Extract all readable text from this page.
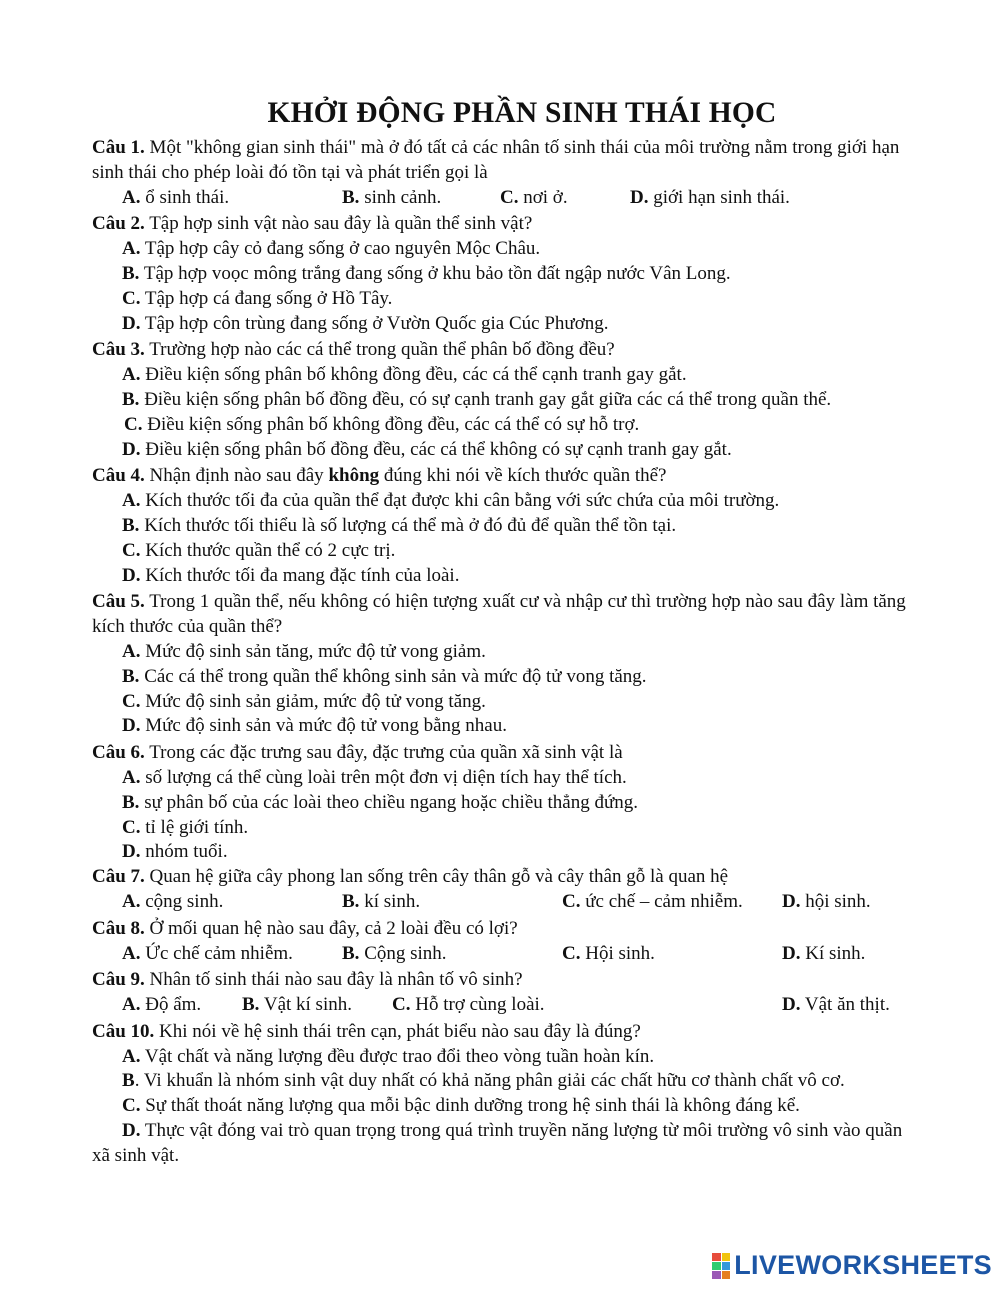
KHỞI ĐỘNG PHẦN SINH THÁI HỌC
Câu 1. Một "không gian sinh thái" mà ở đó tất cả các nhân tố sinh thái của môi trường nằm trong giới hạn sinh thái cho phép loài đó tồn tại và phát triển gọi là
A. ổ sinh thái.	B. sinh cảnh.	C. nơi ở.	D. giới hạn sinh thái.
Câu 2. Tập hợp sinh vật nào sau đây là quần thể sinh vật?
A. Tập hợp cây cỏ đang sống ở cao nguyên Mộc Châu.
B. Tập hợp voọc mông trắng đang sống ở khu bảo tồn đất ngập nước Vân Long.
C. Tập hợp cá đang sống ở Hồ Tây.
D. Tập hợp côn trùng đang sống ở Vườn Quốc gia Cúc Phương.
Câu 3. Trường hợp nào các cá thể trong quần thể phân bố đồng đều?
A. Điều kiện sống phân bố không đồng đều, các cá thể cạnh tranh gay gắt.
B. Điều kiện sống phân bố đồng đều, có sự cạnh tranh gay gắt giữa các cá thể trong quần thể.
C. Điều kiện sống phân bố không đồng đều, các cá thể có sự hỗ trợ.
D. Điều kiện sống phân bố đồng đều, các cá thể không có sự cạnh tranh gay gắt.
Câu 4. Nhận định nào sau đây không đúng khi nói về kích thước quần thể?
A. Kích thước tối đa của quần thể đạt được khi cân bằng với sức chứa của môi trường.
B. Kích thước tối thiểu là số lượng cá thể mà ở đó đủ để quần thể tồn tại.
C. Kích thước quần thể có 2 cực trị.
D. Kích thước tối đa mang đặc tính của loài.
Câu 5. Trong 1 quần thể, nếu không có hiện tượng xuất cư và nhập cư thì trường hợp nào sau đây làm tăng kích thước của quần thể?
A. Mức độ sinh sản tăng, mức độ tử vong giảm.
B. Các cá thể trong quần thể không sinh sản và mức độ tử vong tăng.
C. Mức độ sinh sản giảm, mức độ tử vong tăng.
D. Mức độ sinh sản và mức độ tử vong bằng nhau.
Câu 6. Trong các đặc trưng sau đây, đặc trưng của quần xã sinh vật là
A. số lượng cá thể cùng loài trên một đơn vị diện tích hay thể tích.
B. sự phân bố của các loài theo chiều ngang hoặc chiều thẳng đứng.
C. tỉ lệ giới tính.
D. nhóm tuổi.
Câu 7. Quan hệ giữa cây phong lan sống trên cây thân gỗ và cây thân gỗ là quan hệ
A. cộng sinh.	B. kí sinh.	C. ức chế – cảm nhiễm. D. hội sinh.
Câu 8. Ở mối quan hệ nào sau đây, cả 2 loài đều có lợi?
A. Ức chế cảm nhiễm.	B. Cộng sinh.	C. Hội sinh.	D. Kí sinh.
Câu 9. Nhân tố sinh thái nào sau đây là nhân tố vô sinh?
A. Độ ẩm. B. Vật kí sinh. C. Hỗ trợ cùng loài.	D. Vật ăn thịt.
Câu 10. Khi nói về hệ sinh thái trên cạn, phát biểu nào sau đây là đúng?
A. Vật chất và năng lượng đều được trao đổi theo vòng tuần hoàn kín.
B. Vi khuẩn là nhóm sinh vật duy nhất có khả năng phân giải các chất hữu cơ thành chất vô cơ.
C. Sự thất thoát năng lượng qua mỗi bậc dinh dưỡng trong hệ sinh thái là không đáng kể.
D. Thực vật đóng vai trò quan trọng trong quá trình truyền năng lượng từ môi trường vô sinh vào quần xã sinh vật.
LIVEWORKSHEETS
